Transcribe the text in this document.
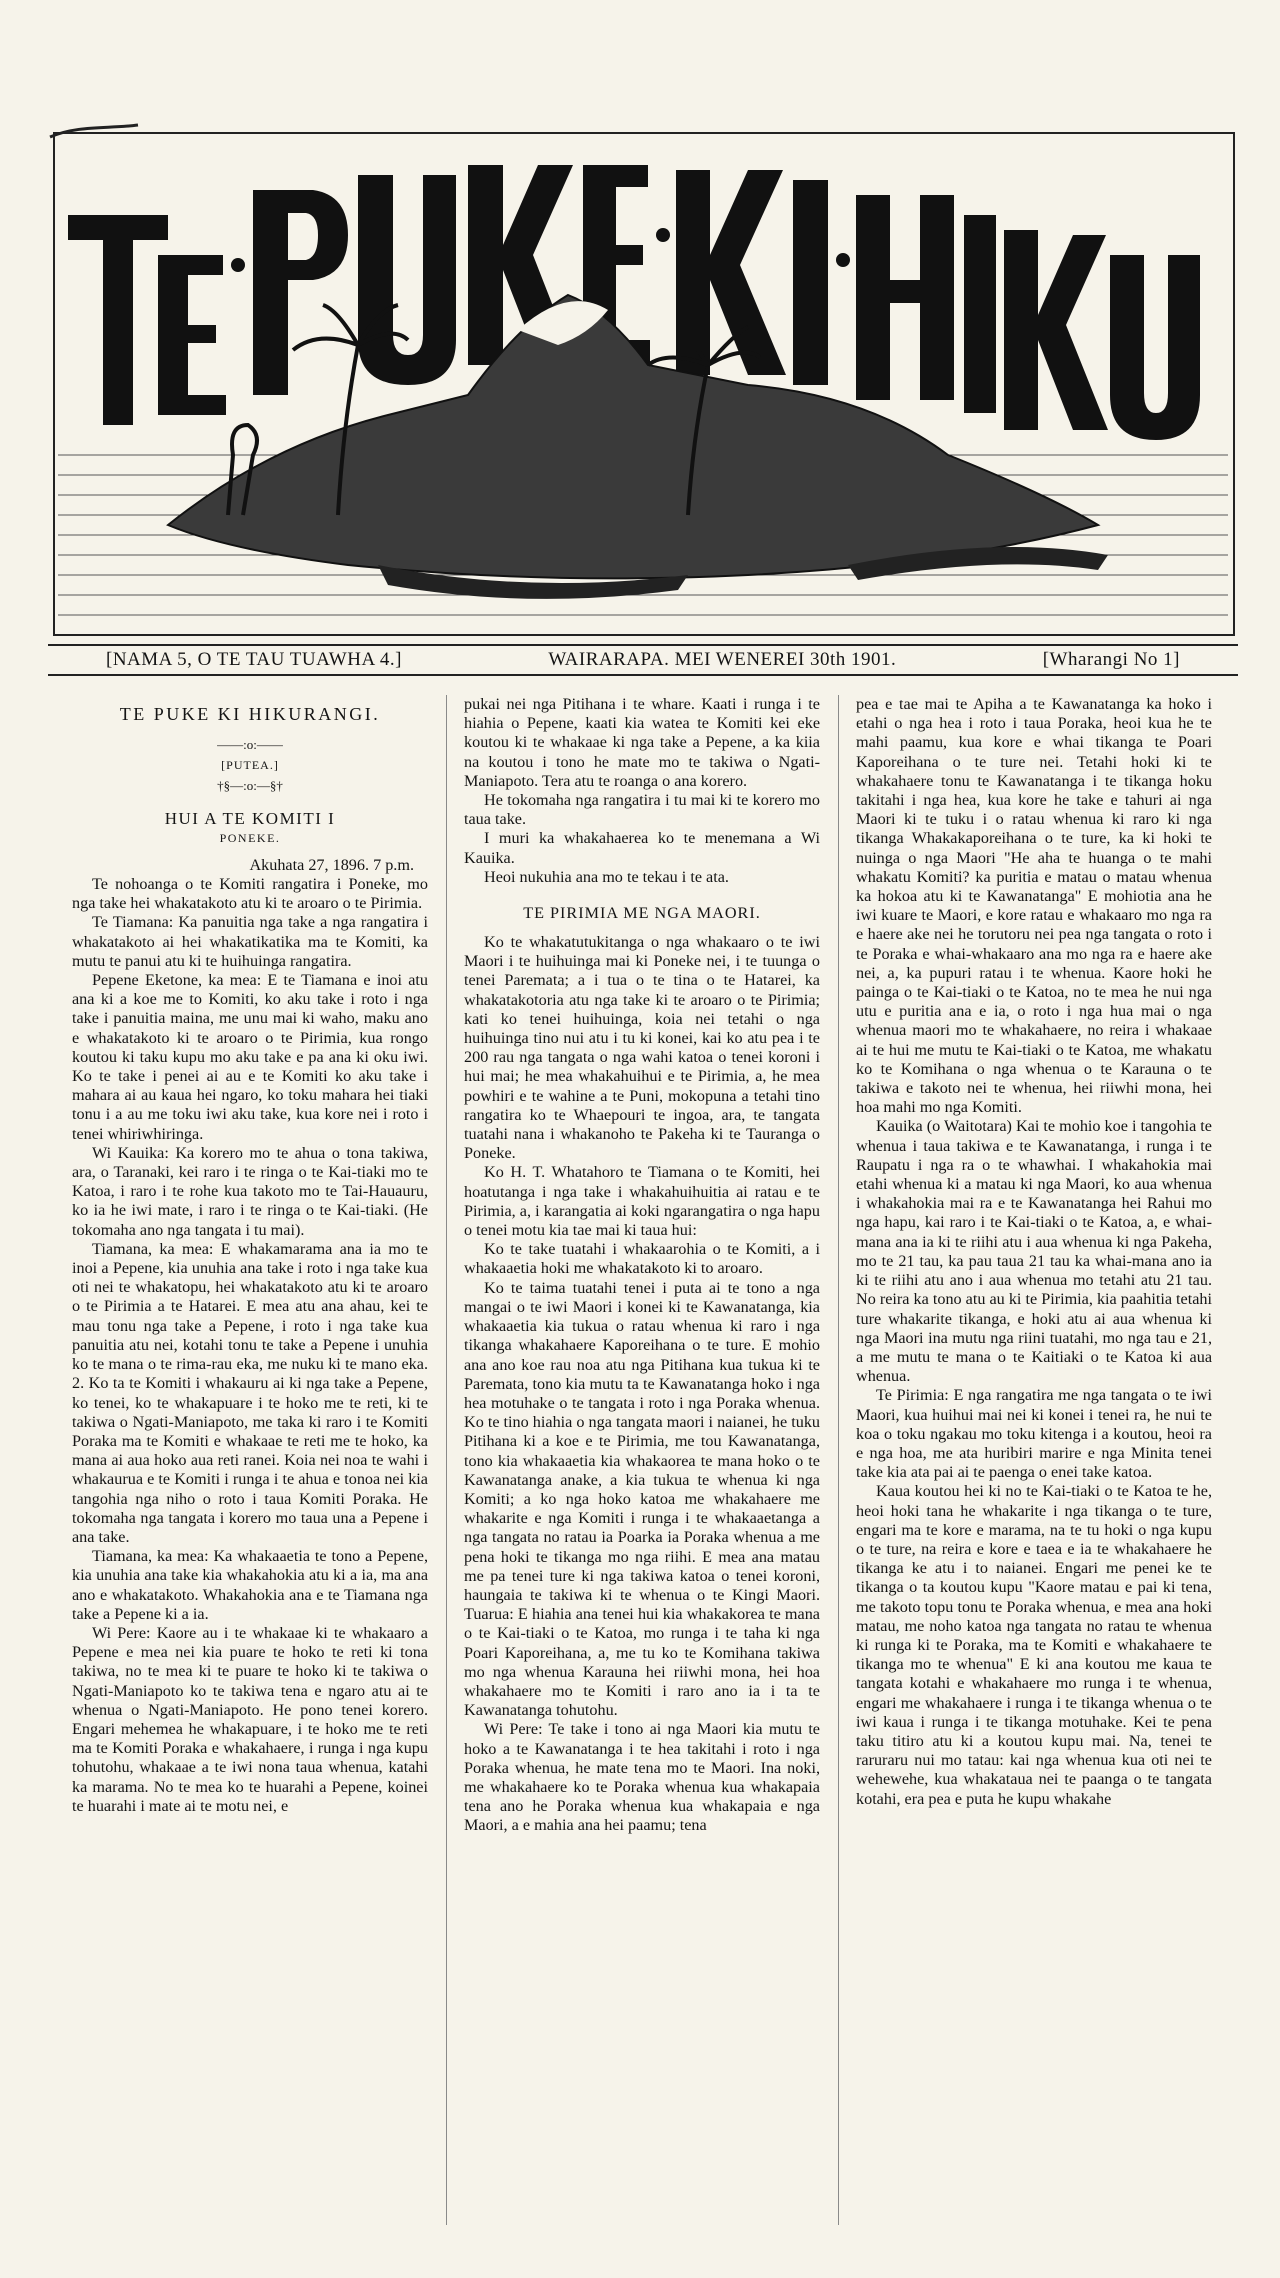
[NAMA 5, O TE TAU TUAWHA 4.]	WAIRARAPA. MEI WENEREI 30th 1901.	[Wharangi No 1]
TE PUKE KI HIKURANGI.
——:o:——
[PUTEA.]
†§—:o:—§†
HUI A TE KOMITI I
PONEKE.

Akuhata 27, 1896. 7 p.m.

Te nohoanga o te Komiti rangatira i Poneke, mo nga take hei whakatakoto atu ki te aroaro o te Pirimia.

Te Tiamana: Ka panuitia nga take a nga rangatira i whakatakoto ai hei whakatikatika ma te Komiti, ka mutu te panui atu ki te huihuinga rangatira.

Pepene Eketone, ka mea: E te Tiamana e inoi atu ana ki a koe me to Komiti, ko aku take i roto i nga take i panuitia maina, me unu mai ki waho, maku ano e whakatakoto ki te aroaro o te Pirimia, kua rongo koutou ki taku kupu mo aku take e pa ana ki oku iwi. Ko te take i penei ai au e te Komiti ko aku take i mahara ai au kaua hei ngaro, ko toku mahara hei tiaki tonu i a au me toku iwi aku take, kua kore nei i roto i tenei whiriwhiringa.

Wi Kauika: Ka korero mo te ahua o tona takiwa, ara, o Taranaki, kei raro i te ringa o te Kai-tiaki mo te Katoa, i raro i te rohe kua takoto mo te Tai-Hauauru, ko ia he iwi mate, i raro i te ringa o te Kai-tiaki. (He tokomaha ano nga tangata i tu mai).

Tiamana, ka mea: E whakamarama ana ia mo te inoi a Pepene, kia unuhia ana take i roto i nga take kua oti nei te whakatopu, hei whakatakoto atu ki te aroaro o te Pirimia a te Hatarei. E mea atu ana ahau, kei te mau tonu nga take a Pepene, i roto i nga take kua panuitia atu nei, kotahi tonu te take a Pepene i unuhia ko te mana o te rima-rau eka, me nuku ki te mano eka. 2. Ko ta te Komiti i whakauru ai ki nga take a Pepene, ko tenei, ko te whakapuare i te hoko me te reti, ki te takiwa o Ngati-Maniapoto, me taka ki raro i te Komiti Poraka ma te Komiti e whakaae te reti me te hoko, ka mana ai aua hoko aua reti ranei. Koia nei noa te wahi i whakaurua e te Komiti i runga i te ahua e tonoa nei kia tangohia nga niho o roto i taua Komiti Poraka. He tokomaha nga tangata i korero mo taua una a Pepene i ana take.

Tiamana, ka mea: Ka whakaaetia te tono a Pepene, kia unuhia ana take kia whakahokia atu ki a ia, ma ana ano e whakatakoto. Whakahokia ana e te Tiamana nga take a Pepene ki a ia.

Wi Pere: Kaore au i te whakaae ki te whakaaro a Pepene e mea nei kia puare te hoko te reti ki tona takiwa, no te mea ki te puare te hoko ki te takiwa o Ngati-Maniapoto ko te takiwa tena e ngaro atu ai te whenua o Ngati-Maniapoto. He pono tenei korero. Engari mehemea he whakapuare, i te hoko me te reti ma te Komiti Poraka e whakahaere, i runga i nga kupu tohutohu, whakaae a te iwi nona taua whenua, katahi ka marama. No te mea ko te huarahi a Pepene, koinei te huarahi i mate ai te motu nei, e

pukai nei nga Pitihana i te whare. Kaati i runga i te hiahia o Pepene, kaati kia watea te Komiti kei eke koutou ki te whakaae ki nga take a Pepene, a ka kiia na koutou i tono he mate mo te takiwa o Ngati-Maniapoto. Tera atu te roanga o ana korero.

He tokomaha nga rangatira i tu mai ki te korero mo taua take.

I muri ka whakahaerea ko te menemana a Wi Kauika.

Heoi nukuhia ana mo te tekau i te ata.

TE PIRIMIA ME NGA MAORI.

Ko te whakatutukitanga o nga whakaaro o te iwi Maori i te huihuinga mai ki Poneke nei, i te tuunga o tenei Paremata; a i tua o te tina o te Hatarei, ka whakatakotoria atu nga take ki te aroaro o te Pirimia; kati ko tenei huihuinga, koia nei tetahi o nga huihuinga tino nui atu i tu ki konei, kai ko atu pea i te 200 rau nga tangata o nga wahi katoa o tenei koroni i hui mai; he mea whakahuihui e te Pirimia, a, he mea powhiri e te wahine a te Puni, mokopuna a tetahi tino rangatira ko te Whaepouri te ingoa, ara, te tangata tuatahi nana i whakanoho te Pakeha ki te Tauranga o Poneke.

Ko H. T. Whatahoro te Tiamana o te Komiti, hei hoatutanga i nga take i whakahuihuitia ai ratau e te Pirimia, a, i karangatia ai koki ngarangatira o nga hapu o tenei motu kia tae mai ki taua hui:

Ko te take tuatahi i whakaarohia o te Komiti, a i whakaaetia hoki me whakatakoto ki to aroaro.

Ko te taima tuatahi tenei i puta ai te tono a nga mangai o te iwi Maori i konei ki te Kawanatanga, kia whakaaetia kia tukua o ratau whenua ki raro i nga tikanga whakahaere Kaporeihana o te ture. E mohio ana ano koe rau noa atu nga Pitihana kua tukua ki te Paremata, tono kia mutu ta te Kawanatanga hoko i nga hea motuhake o te tangata i roto i nga Poraka whenua. Ko te tino hiahia o nga tangata maori i naianei, he tuku Pitihana ki a koe e te Pirimia, me tou Kawanatanga, tono kia whakaaetia kia whakaorea te mana hoko o te Kawanatanga anake, a kia tukua te whenua ki nga Komiti; a ko nga hoko katoa me whakahaere me whakarite e nga Komiti i runga i te whakaaetanga a nga tangata no ratau ia Poarka ia Poraka whenua a me pena hoki te tikanga mo nga riihi. E mea ana matau me pa tenei ture ki nga takiwa katoa o tenei koroni, haungaia te takiwa ki te whenua o te Kingi Maori. Tuarua: E hiahia ana tenei hui kia whakakorea te mana o te Kai-tiaki o te Katoa, mo runga i te taha ki nga Poari Kaporeihana, a, me tu ko te Komihana takiwa mo nga whenua Karauna hei riiwhi mona, hei hoa whakahaere mo te Komiti i raro ano ia i ta te Kawanatanga tohutohu.

Wi Pere: Te take i tono ai nga Maori kia mutu te hoko a te Kawanatanga i te hea takitahi i roto i nga Poraka whenua, he mate tena mo te Maori. Ina noki, me whakahaere ko te Poraka whenua kua whakapaia tena ano he Poraka whenua kua whakapaia e nga Maori, a e mahia ana hei paamu; tena

pea e tae mai te Apiha a te Kawanatanga ka hoko i etahi o nga hea i roto i taua Poraka, heoi kua he te mahi paamu, kua kore e whai tikanga te Poari Kaporeihana o te ture nei. Tetahi hoki ki te whakahaere tonu te Kawanatanga i te tikanga hoku takitahi i nga hea, kua kore he take e tahuri ai nga Maori ki te tuku i o ratau whenua ki raro ki nga tikanga Whakakaporeihana o te ture, ka ki hoki te nuinga o nga Maori "He aha te huanga o te mahi whakatu Komiti? ka puritia e matau o matau whenua ka hokoa atu ki te Kawanatanga" E mohiotia ana he iwi kuare te Maori, e kore ratau e whakaaro mo nga ra e haere ake nei he torutoru nei pea nga tangata o roto i te Poraka e whai-whakaaro ana mo nga ra e haere ake nei, a, ka pupuri ratau i te whenua. Kaore hoki he painga o te Kai-tiaki o te Katoa, no te mea he nui nga utu e puritia ana e ia, o roto i nga hua mai o nga whenua maori mo te whakahaere, no reira i whakaae ai te hui me mutu te Kai-tiaki o te Katoa, me whakatu ko te Komihana o nga whenua o te Karauna o te takiwa e takoto nei te whenua, hei riiwhi mona, hei hoa mahi mo nga Komiti.

Kauika (o Waitotara) Kai te mohio koe i tangohia te whenua i taua takiwa e te Kawanatanga, i runga i te Raupatu i nga ra o te whawhai. I whakahokia mai etahi whenua ki a matau ki nga Maori, ko aua whenua i whakahokia mai ra e te Kawanatanga hei Rahui mo nga hapu, kai raro i te Kai-tiaki o te Katoa, a, e whai-mana ana ia ki te riihi atu i aua whenua ki nga Pakeha, mo te 21 tau, ka pau taua 21 tau ka whai-mana ano ia ki te riihi atu ano i aua whenua mo tetahi atu 21 tau. No reira ka tono atu au ki te Pirimia, kia paahitia tetahi ture whakarite tikanga, e hoki atu ai aua whenua ki nga Maori ina mutu nga riini tuatahi, mo nga tau e 21, a me mutu te mana o te Kaitiaki o te Katoa ki aua whenua.

Te Pirimia: E nga rangatira me nga tangata o te iwi Maori, kua huihui mai nei ki konei i tenei ra, he nui te koa o toku ngakau mo toku kitenga i a koutou, heoi ra e nga hoa, me ata huribiri marire e nga Minita tenei take kia ata pai ai te paenga o enei take katoa.

Kaua koutou hei ki no te Kai-tiaki o te Katoa te he, heoi hoki tana he whakarite i nga tikanga o te ture, engari ma te kore e marama, na te tu hoki o nga kupu o te ture, na reira e kore e taea e ia te whakahaere he tikanga ke atu i to naianei. Engari me penei ke te tikanga o ta koutou kupu "Kaore matau e pai ki tena, me takoto topu tonu te Poraka whenua, e mea ana hoki matau, me noho katoa nga tangata no ratau te whenua ki runga ki te Poraka, ma te Komiti e whakahaere te tikanga mo te whenua" E ki ana koutou me kaua te tangata kotahi e whakahaere mo runga i te whenua, engari me whakahaere i runga i te tikanga whenua o te iwi kaua i runga i te tikanga motuhake. Kei te pena taku titiro atu ki a koutou kupu mai. Na, tenei te raruraru nui mo tatau: kai nga whenua kua oti nei te wehewehe, kua whakataua nei te paanga o te tangata kotahi, era pea e puta he kupu whakahe
